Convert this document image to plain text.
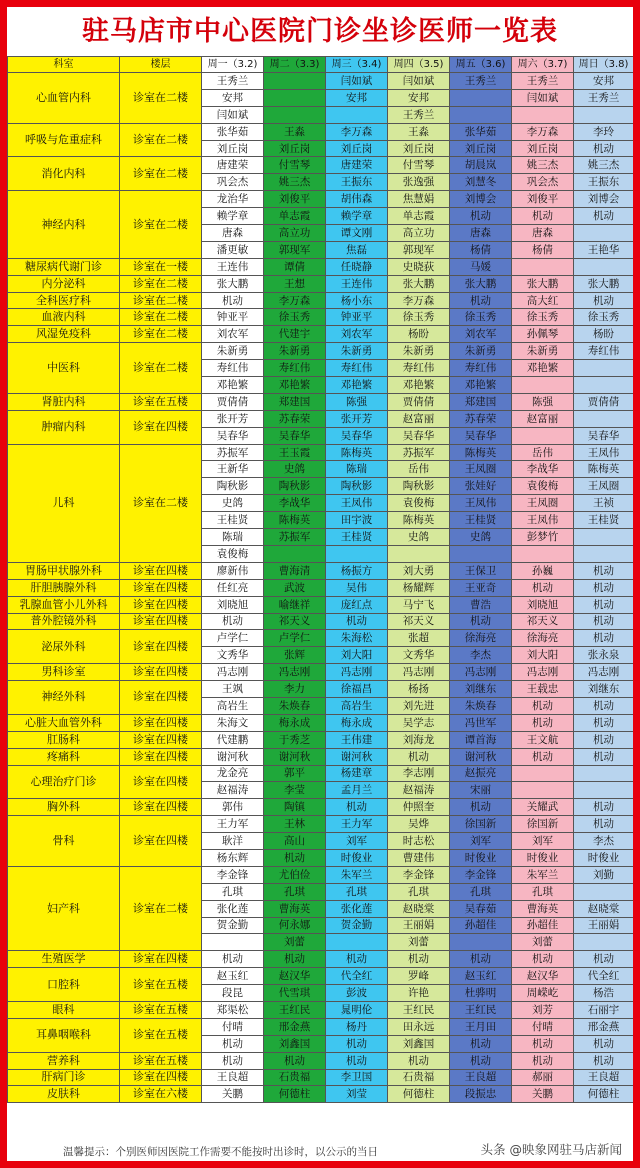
驻马店市中心医院门诊坐诊医师一览表
科室	楼层	周一（3.2)	周二（3.3)	周三（3.4)	周四（3.5)	周五（3.6)	周六（3.7)	周日（3.8)
心血管内科	诊室在二楼	王秀兰		闫如斌	闫如斌	王秀兰	王秀兰	安邦
		安邦		安邦	安邦		闫如斌	王秀兰
		闫如斌			王秀兰			
呼吸与危重症科	诊室在二楼	张华茹	王淼	李万森	王淼	张华茹	李万森	李玲
		刘丘岗	刘丘岗	刘丘岗	刘丘岗	刘丘岗	刘丘岗	机动
消化内科	诊室在二楼	唐建荣	付雪琴	唐建荣	付雪琴	胡晨岚	姚三杰	姚三杰
		巩会杰	姚三杰	王振东	张逸强	刘慧冬	巩会杰	王振东
神经内科	诊室在二楼	龙治华	刘俊平	胡伟森	焦慧娟	刘博会	刘俊平	刘博会
		赖学章	单志霞	赖学章	单志霞	机动	机动	机动
		唐森	高立功	谭文刚	高立功	唐森	唐森	
		潘更敏	郭现军	焦磊	郭现军	杨倩	杨倩	王艳华
糖尿病代谢门诊	诊室在一楼	王连伟	谭倩	任晓静	史晓荻	马媛		
内分泌科	诊室在二楼	张大鹏	王想	王连伟	张大鹏	张大鹏	张大鹏	张大鹏
全科医疗科	诊室在二楼	机动	李万森	杨小东	李万森	机动	高大红	机动
血液内科	诊室在二楼	钟亚平	徐玉秀	钟亚平	徐玉秀	徐玉秀	徐玉秀	徐玉秀
风湿免疫科	诊室在二楼	刘农军	代建宇	刘农军	杨盼	刘农军	孙佩琴	杨盼
中医科	诊室在二楼	朱新勇	朱新勇	朱新勇	朱新勇	朱新勇	朱新勇	寿红伟
		寿红伟	寿红伟	寿红伟	寿红伟	寿红伟	邓艳繁	
		邓艳繁	邓艳繁	邓艳繁	邓艳繁	邓艳繁		
肾脏内科	诊室在五楼	贾倩倩	郑建国	陈强	贾倩倩	郑建国	陈强	贾倩倩
肿瘤内科	诊室在四楼	张开芳	苏春荣	张开芳	赵富丽	苏春荣	赵富丽	
		吴春华	吴春华	吴春华	吴春华	吴春华		吴春华
儿科	诊室在二楼	苏振军	王玉霞	陈梅英	苏振军	陈梅英	岳伟	王凤伟
		王新华	史鸽	陈瑞	岳伟	王凤圈	李战华	陈梅英
		陶秋影	陶秋影	陶秋影	陶秋影	张娃好	袁俊梅	王凤圈
		史鸽	李战华	王凤伟	袁俊梅	王凤伟	王凤圈	王祯
		王桂贤	陈梅英	田宇波	陈梅英	王桂贤	王凤伟	王桂贤
		陈瑞	苏振军	王桂贤	史鸽	史鸽	彭梦竹	
		袁俊梅						
胃肠甲状腺外科	诊室在四楼	廖新伟	曹海清	杨振方	刘大勇	王保卫	孙巍	机动
肝胆胰腺外科	诊室在四楼	任红亮	武波	吴伟	杨耀辉	王亚奇	机动	机动
乳腺血管小儿外科	诊室在四楼	刘晓旭	喻继祥	庞红点	马宁飞	曹浩	刘晓旭	机动
普外腔镜外科	诊室在四楼	机动	祁天义	机动	祁天义	机动	祁天义	机动
泌尿外科	诊室在四楼	卢学仁	卢学仁	朱海松	张超	徐海亮	徐海亮	机动
		文秀华	张辉	刘大阳	文秀华	李杰	刘大阳	张永泉
男科诊室	诊室在四楼	冯志刚	冯志刚	冯志刚	冯志刚	冯志刚	冯志刚	冯志刚
神经外科	诊室在四楼	王飒	李力	徐福昌	杨扬	刘继东	王载忠	刘继东
		高岩生	朱焕春	高岩生	刘先进	朱焕春	机动	机动
心脏大血管外科	诊室在四楼	朱海文	梅永成	梅永成	吴学志	冯世军	机动	机动
肛肠科	诊室在四楼	代建鹏	于秀芝	王伟建	刘海龙	谭首海	王文航	机动
疼痛科	诊室在四楼	谢河秋	谢河秋	谢河秋	机动	谢河秋	机动	机动
心理治疗门诊	诊室在四楼	龙金亮	郭平	杨建章	李志刚	赵振亮		
		赵福涛	李莹	孟月兰	赵福涛	宋丽		
胸外科	诊室在四楼	郭伟	陶镇	机动	仲照奎	机动	关耀武	机动
骨科	诊室在四楼	王力军	王林	王力军	吴烨	徐国新	徐国新	机动
		耿洋	高山	刘军	时志松	刘军	刘军	李杰
		杨东辉	机动	时俊业	曹建伟	时俊业	时俊业	时俊业
妇产科	诊室在二楼	李金锋	尤伯俭	朱军兰	李金锋	李金锋	朱军兰	刘勤
		孔琪	孔琪	孔琪	孔琪	孔琪	孔琪	
		张化莲	曹海英	张化莲	赵晓棠	吴春茹	曹海英	赵晓棠
		贺金勤	何永娜	贺金勤	王丽娟	孙超佳	孙超佳	王丽娟
			刘蕾		刘蕾		刘蕾	
生殖医学	诊室在四楼	机动	机动	机动	机动	机动	机动	机动
口腔科	诊室在五楼	赵玉红	赵汉华	代全红	罗峰	赵玉红	赵汉华	代全红
		段昆	代雪琪	彭波	许艳	杜骅明	周嵘屹	杨浩
眼科	诊室在五楼	郑渠松	王红民	晁明伦	王红民	王红民	刘芳	石丽宇
耳鼻咽喉科	诊室在五楼	付晴	邢金燕	杨丹	田永远	王月田	付晴	邢金燕
		机动	刘鑫国	机动	刘鑫国	机动	机动	机动
营养科	诊室在五楼	机动	机动	机动	机动	机动	机动	机动
肝病门诊	诊室在四楼	王良超	石贵福	李卫国	石贵福	王良超	郝丽	王良超
皮肤科	诊室在六楼	关鹏	何德柱	刘莹	何德柱	段振忠	关鹏	何德柱
温馨提示：个别医师因医院工作需要不能按时出诊时，以公示的当日	头条 @映象网驻马店新闻
